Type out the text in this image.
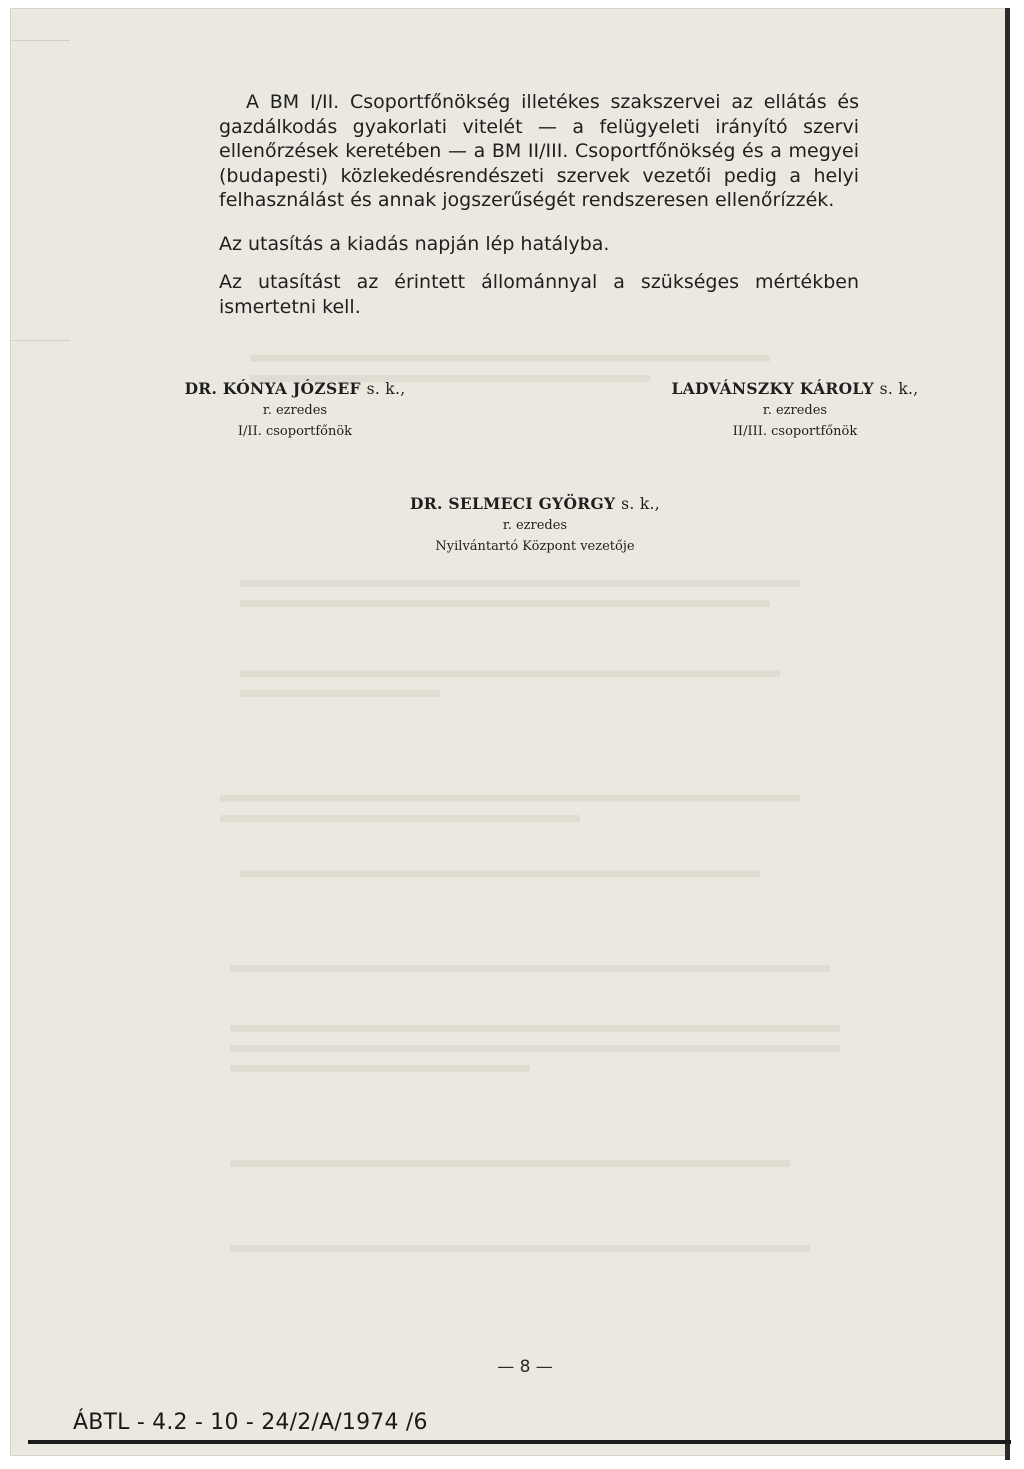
A BM I/II. Csoportfőnökség illetékes szakszervei az ellátás és gazdálkodás gyakorlati vitelét — a felügyeleti irányító szervi ellenőrzések keretében — a BM II/III. Csoportfőnökség és a megyei (budapesti) közlekedésrendészeti szervek vezetői pedig a helyi felhasználást és annak jogszerűségét rendszeresen ellenőrízzék.
Az utasítás a kiadás napján lép hatályba.
Az utasítást az érintett állománnyal a szükséges mértékben ismertetni kell.
DR. KÓNYA JÓZSEF s. k.,
r. ezredes
I/II. csoportfőnök
LADVÁNSZKY KÁROLY s. k.,
r. ezredes
II/III. csoportfőnök
DR. SELMECI GYÖRGY s. k.,
r. ezredes
Nyilvántartó Központ vezetője
— 8 —
ÁBTL - 4.2 - 10 - 24/2/A/1974 /6
